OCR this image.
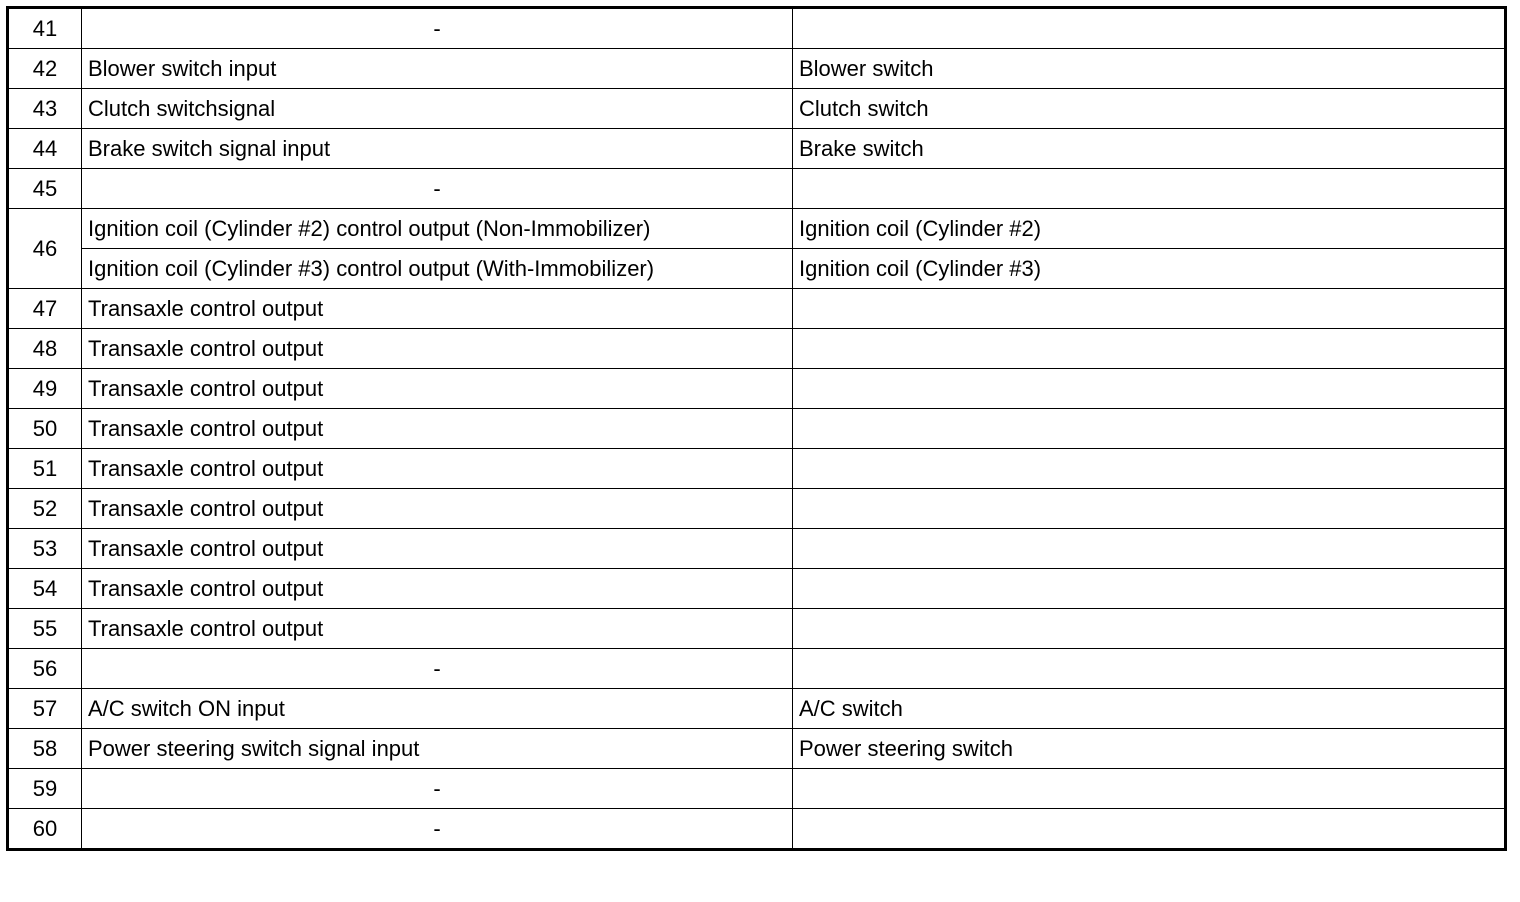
41	-	
42	Blower switch input	Blower switch
43	Clutch switchsignal	Clutch switch
44	Brake switch signal input	Brake switch
45	-	
46	Ignition coil (Cylinder #2) control output (Non-Immobilizer)	Ignition coil (Cylinder #2)
	Ignition coil (Cylinder #3) control output (With-Immobilizer)	Ignition coil (Cylinder #3)
47	Transaxle control output	
48	Transaxle control output	
49	Transaxle control output	
50	Transaxle control output	
51	Transaxle control output	
52	Transaxle control output	
53	Transaxle control output	
54	Transaxle control output	
55	Transaxle control output	
56	-	
57	A/C switch ON input	A/C switch
58	Power steering switch signal input	Power steering switch
59	-	
60	-	
